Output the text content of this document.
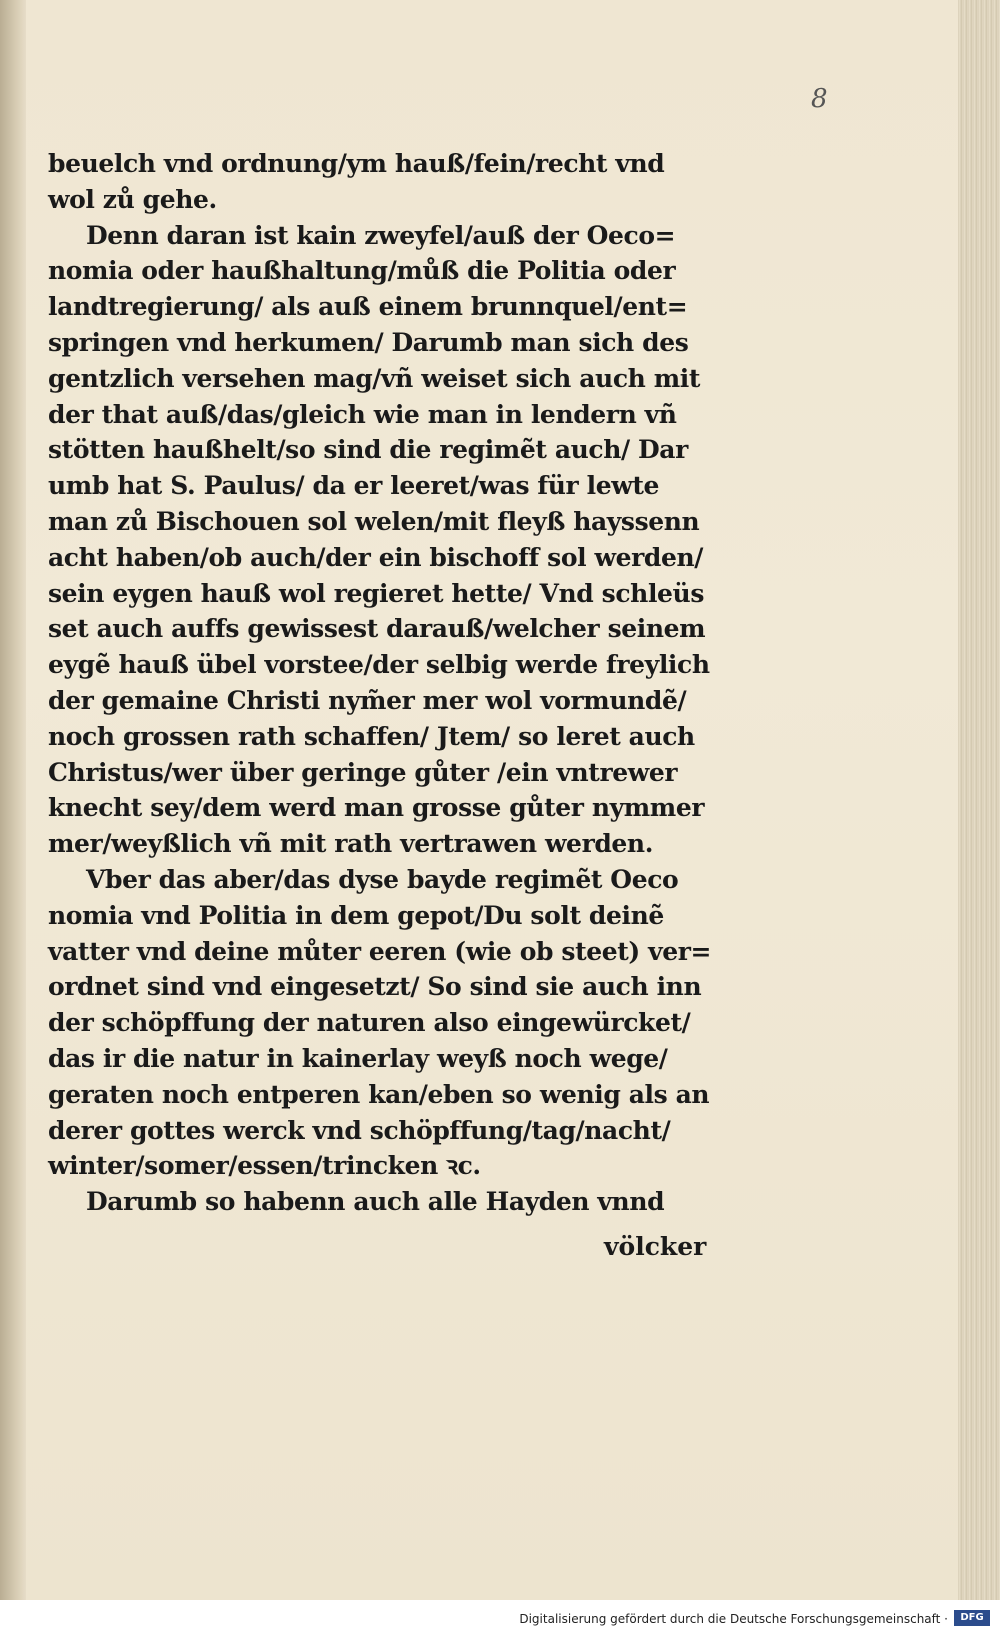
8
beuelch vnd ordnung/ym hauß/fein/recht vnd
wol zů gehe.
Denn daran ist kain zweyfel/auß der Oeco=
nomia oder haußhaltung/můß die Politia oder
landtregierung/ als auß einem brunnquel/ent=
springen vnd herkumen/ Darumb man sich des
gentzlich versehen mag/vñ weiset sich auch mit
der that auß/das/gleich wie man in lendern vñ
stötten haußhelt/so sind die regimẽt auch/ Dar
umb hat S. Paulus/ da er leeret/was für lewte
man zů Bischouen sol welen/mit fleyß hayssenn
acht haben/ob auch/der ein bischoff sol werden/
sein eygen hauß wol regieret hette/ Vnd schleüs
set auch auffs gewissest darauß/welcher seinem
eygẽ hauß übel vorstee/der selbig werde freylich
der gemaine Christi nym̃er mer wol vormundẽ/
noch grossen rath schaffen/ Jtem/ so leret auch
Christus/wer über geringe gůter /ein vntrewer
knecht sey/dem werd man grosse gůter nymmer
mer/weyßlich vñ mit rath vertrawen werden.
Vber das aber/das dyse bayde regimẽt Oeco
nomia vnd Politia in dem gepot/Du solt deinẽ
vatter vnd deine můter eeren (wie ob steet) ver=
ordnet sind vnd eingesetzt/ So sind sie auch inn
der schöpffung der naturen also eingewürcket/
das ir die natur in kainerlay weyß noch wege/
geraten noch entperen kan/eben so wenig als an
derer gottes werck vnd schöpffung/tag/nacht/
winter/somer/essen/trincken ꝛc.
Darumb so habenn auch alle Hayden vnnd
völcker
Digitalisierung gefördert durch die Deutsche Forschungsgemeinschaft ·	DFG
